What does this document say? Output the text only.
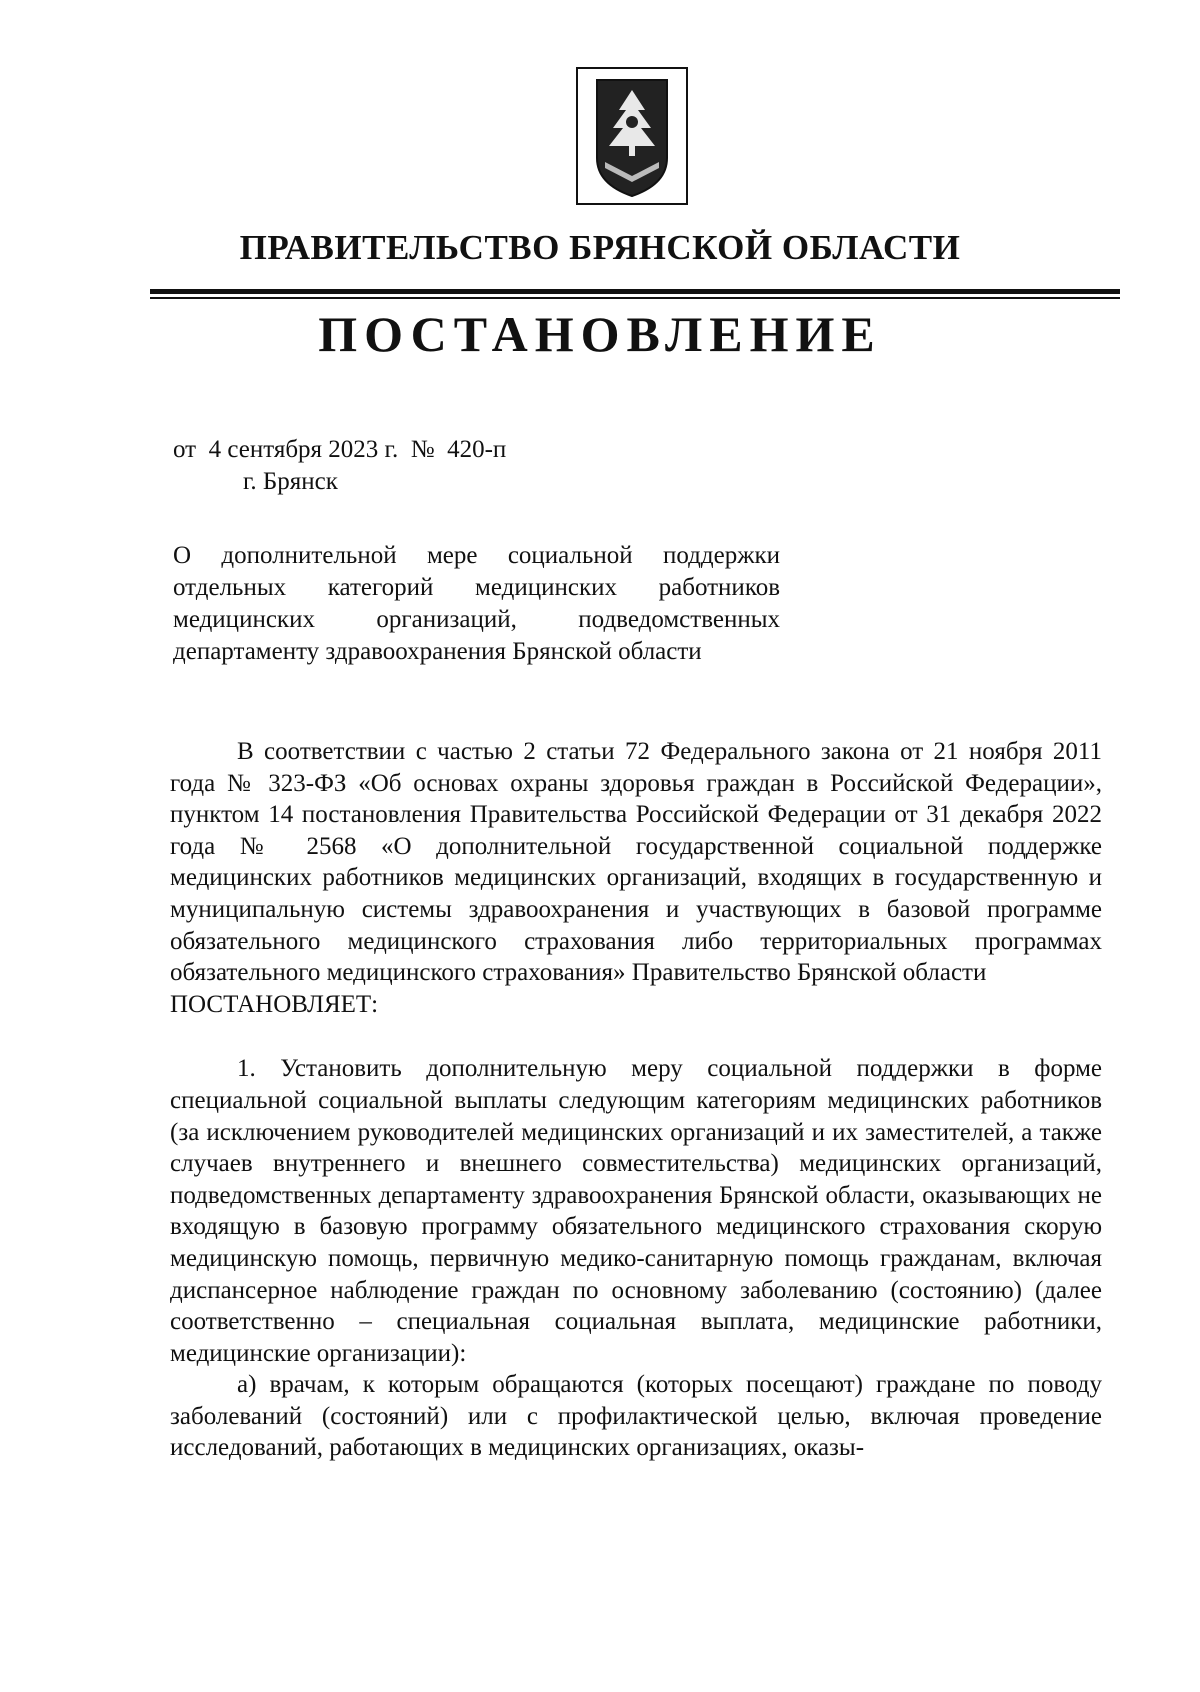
ПРАВИТЕЛЬСТВО БРЯНСКОЙ ОБЛАСТИ
ПОСТАНОВЛЕНИЕ
от  4 сентября 2023 г.  №  420-п
г. Брянск

О дополнительной мере социальной поддержки отдельных категорий медицинских работников медицинских организаций, подведомственных департаменту здравоохранения Брянской области

В соответствии с частью 2 статьи 72 Федерального закона от 21 ноября 2011 года № 323-ФЗ «Об основах охраны здоровья граждан в Российской Федерации», пунктом 14 постановления Правительства Российской Федерации от 31 декабря 2022 года № 2568 «О дополнительной государственной социальной поддержке медицинских работников медицинских организаций, входящих в государственную и муниципальную системы здравоохранения и участвующих в базовой программе обязательного медицинского страхования либо территориальных программах обязательного медицинского страхования» Правительство Брянской области

ПОСТАНОВЛЯЕТ:

1. Установить дополнительную меру социальной поддержки в форме специальной социальной выплаты следующим категориям медицинских работников (за исключением руководителей медицинских организаций и их заместителей, а также случаев внутреннего и внешнего совместительства) медицинских организаций, подведомственных департаменту здравоохранения Брянской области, оказывающих не входящую в базовую программу обязательного медицинского страхования скорую медицинскую помощь, первичную медико-санитарную помощь гражданам, включая диспансерное наблюдение граждан по основному заболеванию (состоянию) (далее соответственно – специальная социальная выплата, медицинские работники, медицинские организации):

а) врачам, к которым обращаются (которых посещают) граждане по поводу заболеваний (состояний) или с профилактической целью, включая проведение исследований, работающих в медицинских организациях, оказы-
